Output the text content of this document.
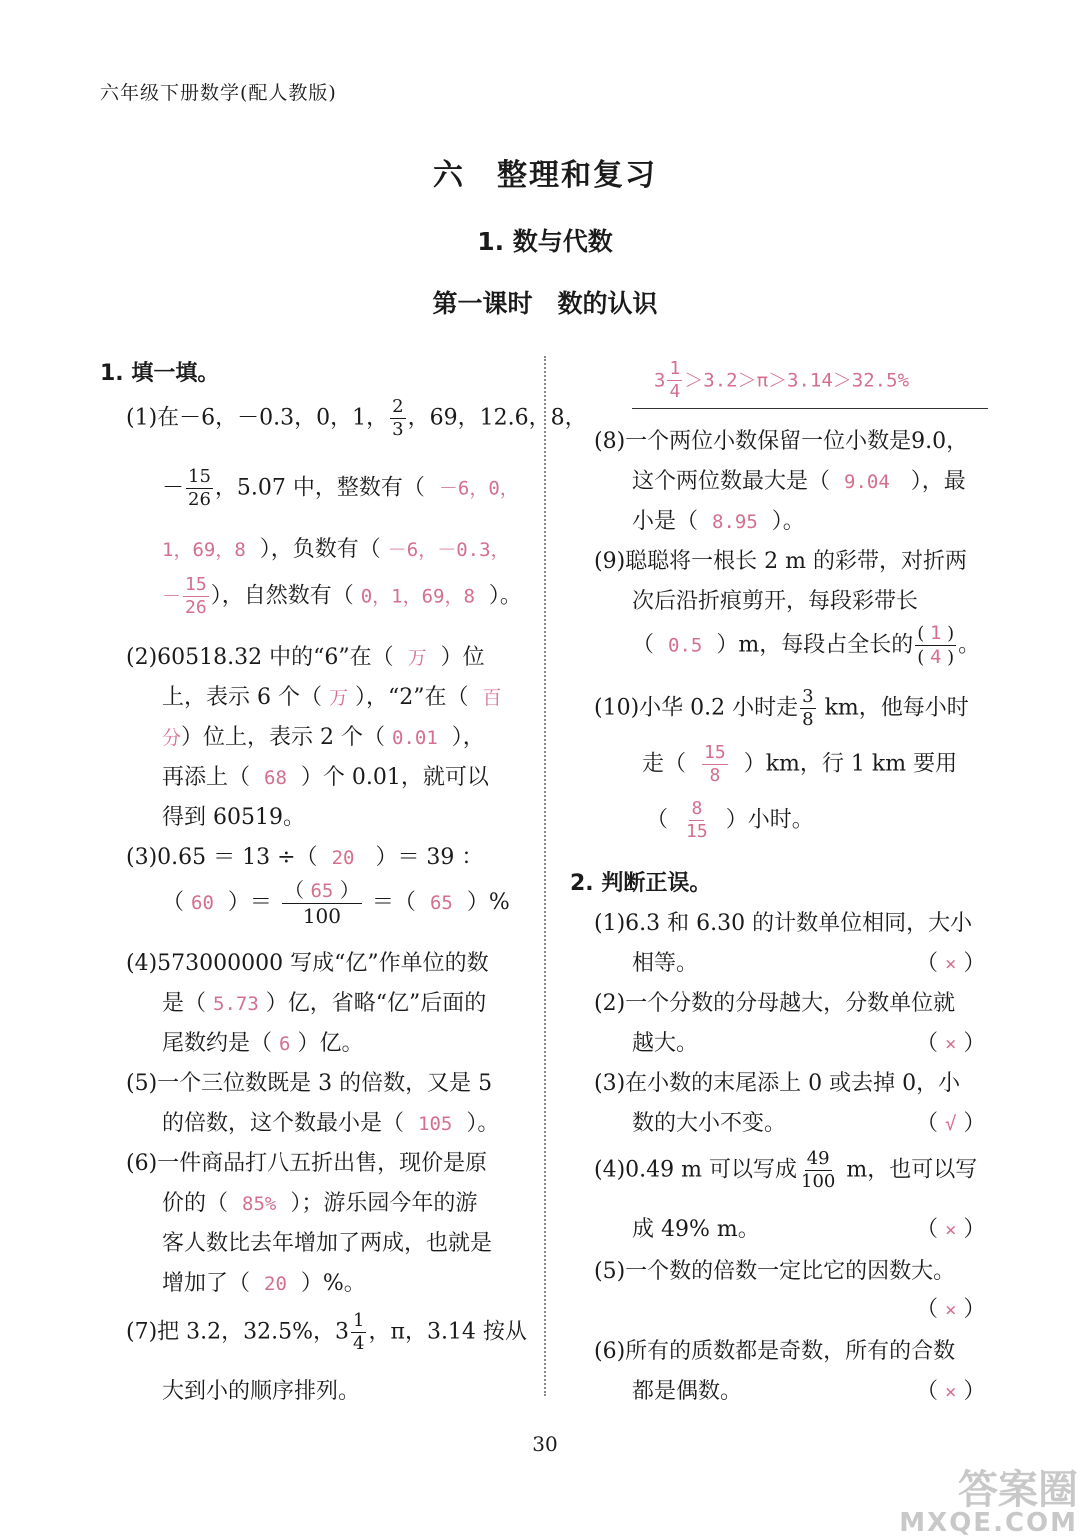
六年级下册数学(配人教版)
六　整理和复习
1. 数与代数
第一课时　数的认识
1. 填一填。
(1)在－6，－0.3，0，1， $\frac{2}{3}$ ，69，12.6，8，
－ $\frac{15}{26}$ ，5.07 中，整数有（ －6，0，
1，69，8 ），负数有（ －6，－0.3，
－ $\frac{15}{26}$ ），自然数有（ 0，1，69，8 ）。
(2)60518.32 中的“6”在（ 万 ）位
上，表示 6 个（ 万 ），“2”在（ 百
分）位上，表示 2 个（ 0.01 ），
再添上（ 68 ）个 0.01，就可以
得到 60519。
(3)0.65 ＝ 13 ÷（ 20 ）＝ 39 ：
（ 60 ）＝ $\frac{( 65 )}{100}$ ＝（ 65 ）%
(4)573000000 写成“亿”作单位的数
是（ 5.73 ）亿，省略“亿”后面的
尾数约是（ 6 ）亿。
(5)一个三位数既是 3 的倍数，又是 5
的倍数，这个数最小是（ 105 ）。
(6)一件商品打八五折出售，现价是原
价的（ 85% ）；游乐园今年的游
客人数比去年增加了两成，也就是
增加了（ 20 ）%。
(7)把 3.2，32.5%，$3 \frac{1}{4}$ ，π，3.14 按从
大到小的顺序排列。
$3 \frac{1}{4} >3.2>\pi>3.14>32.5\%$
(8)一个两位小数保留一位小数是9.0，
这个两位数最大是（ 9.04 ），最
小是（ 8.95 ）。
(9)聪聪将一根长 2 m 的彩带，对折两
次后沿折痕剪开，每段彩带长
（ 0.5 ）m，每段占全长的 $\frac{( 1 )}{( 4 )}$ 。
(10)小华 0.2 小时走 $\frac{3}{8}$ km，他每小时
走（ $\frac{15}{8} )km$，行 1 km 要用
（ $\frac{8}{15}$ ）小时。
2. 判断正误。
(1)6.3 和 6.30 的计数单位相同，大小
相等。	（ × ）
(2)一个分数的分母越大，分数单位就
越大。	（ × ）
(3)在小数的末尾添上 0 或去掉 0，小
数的大小不变。	（ √ ）
(4)0.49 m 可以写成 $\frac{49}{100}$ m，也可以写
成 49% m。	（ × ）
(5)一个数的倍数一定比它的因数大。
（ × ）
(6)所有的质数都是奇数，所有的合数
都是偶数。	（ × ）
30
答案圈
MXQE.COM
